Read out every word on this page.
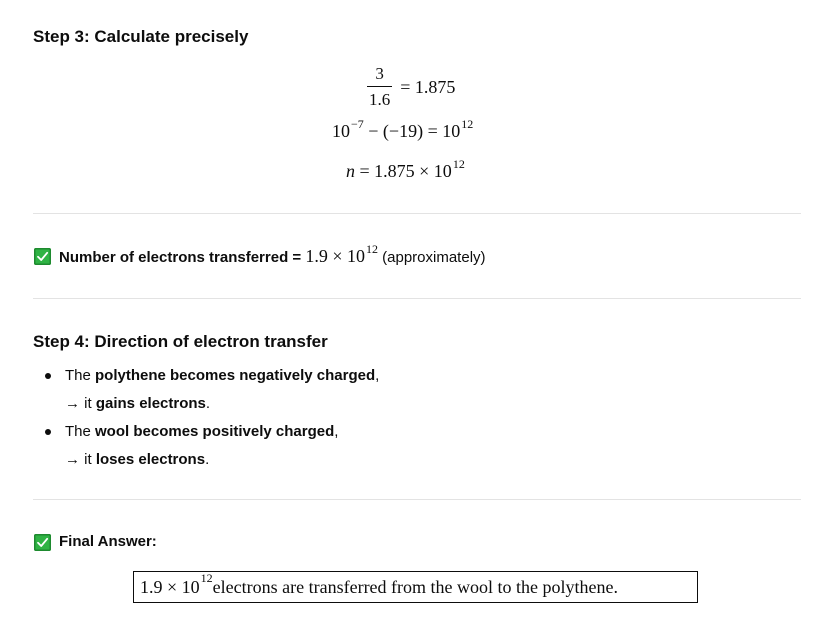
Step 3: Calculate precisely
$\frac{3}{1.6} = 1.875$
$10^{-7} - (-19) = 10^{12}$
$n = 1.875 \times 10^{12}$
Number of electrons transferred = $1.9 \times 10^{12}$ (approximately)
Step 4: Direction of electron transfer
The polythene becomes negatively charged,
→ it gains electrons.
The wool becomes positively charged,
→ it loses electrons.
Final Answer:
$1.9 \times 10^{12}$ electrons are transferred from the wool to the polythene.
